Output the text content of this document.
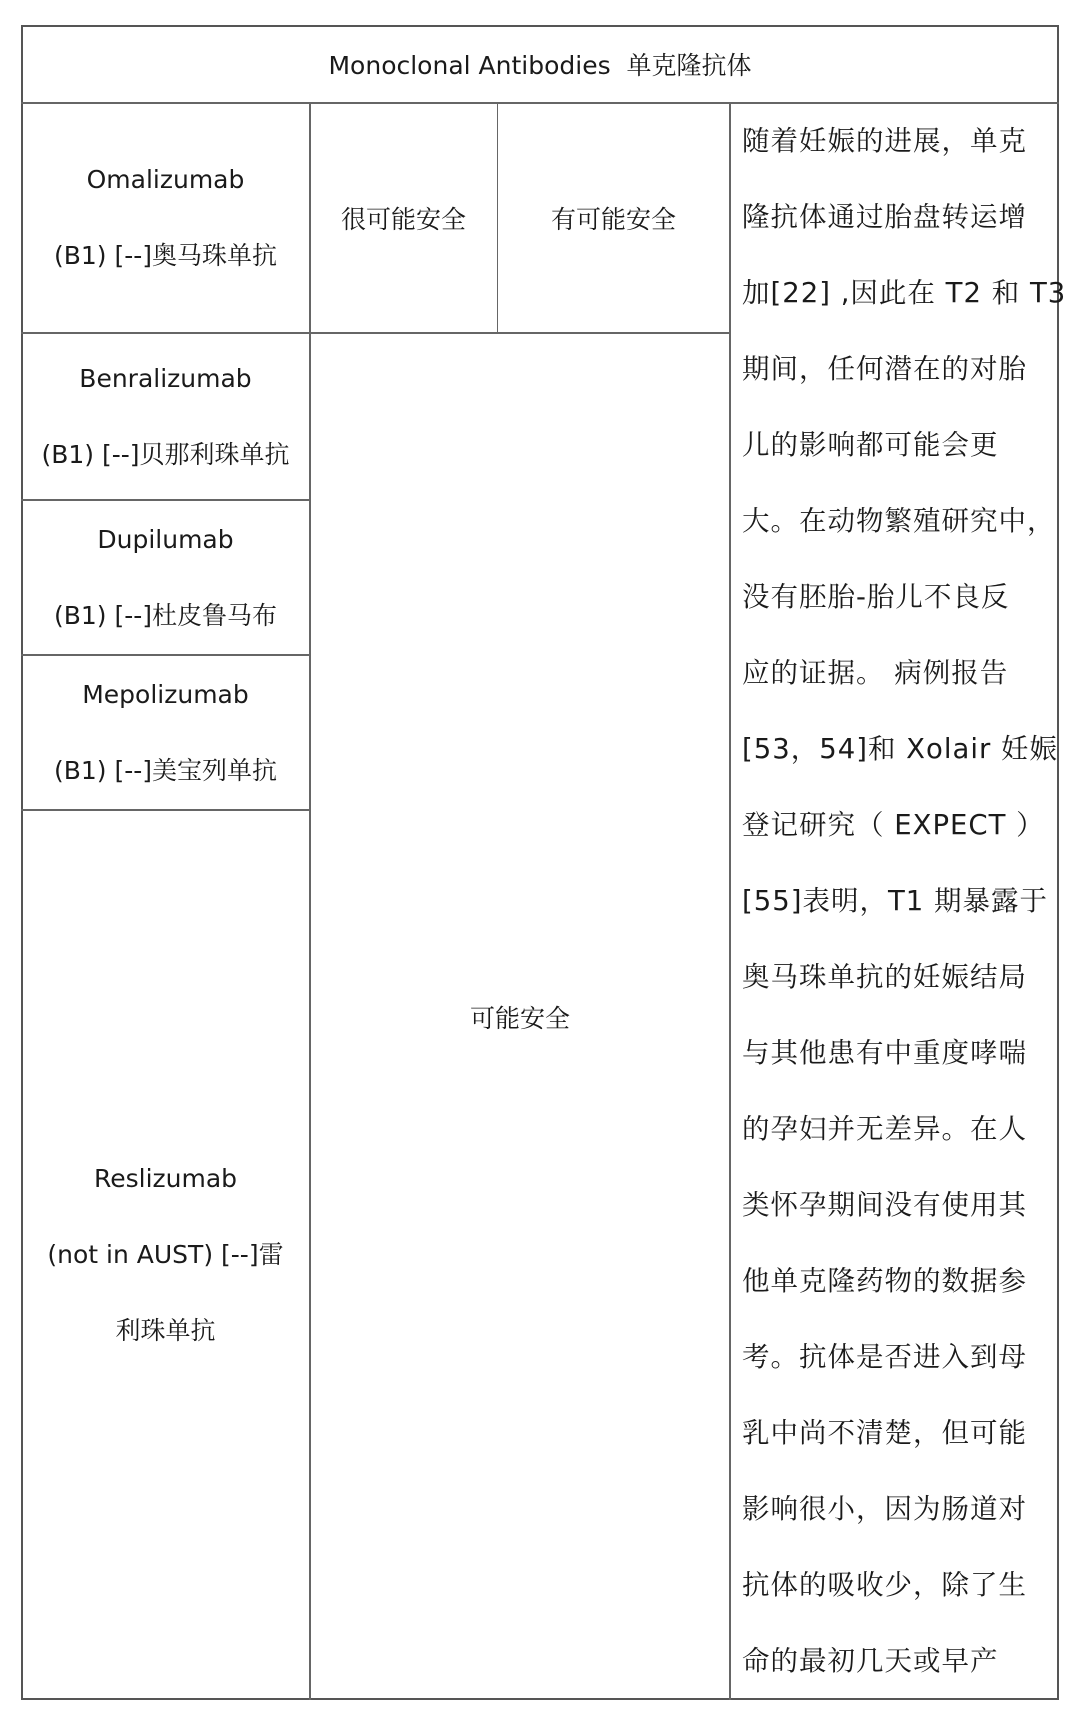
Monoclonal Antibodies  单克隆抗体
Omalizumab
(B1) [--]奥马珠单抗
很可能安全	有可能安全
Benralizumab
(B1) [--]贝那利珠单抗
Dupilumab
(B1) [--]杜皮鲁马布
Mepolizumab
(B1) [--]美宝列单抗
Reslizumab
(not in AUST) [--]雷
利珠单抗
可能安全
随着妊娠的进展，单克
隆抗体通过胎盘转运增
加[22] ,因此在 T2 和 T3
期间，任何潜在的对胎
儿的影响都可能会更
大。在动物繁殖研究中，
没有胚胎-胎儿不良反
应的证据。 病例报告
[53，54]和 Xolair 妊娠
登记研究（ EXPECT ）
[55]表明，T1 期暴露于
奥马珠单抗的妊娠结局
与其他患有中重度哮喘
的孕妇并无差异。在人
类怀孕期间没有使用其
他单克隆药物的数据参
考。抗体是否进入到母
乳中尚不清楚，但可能
影响很小，因为肠道对
抗体的吸收少，除了生
命的最初几天或早产
